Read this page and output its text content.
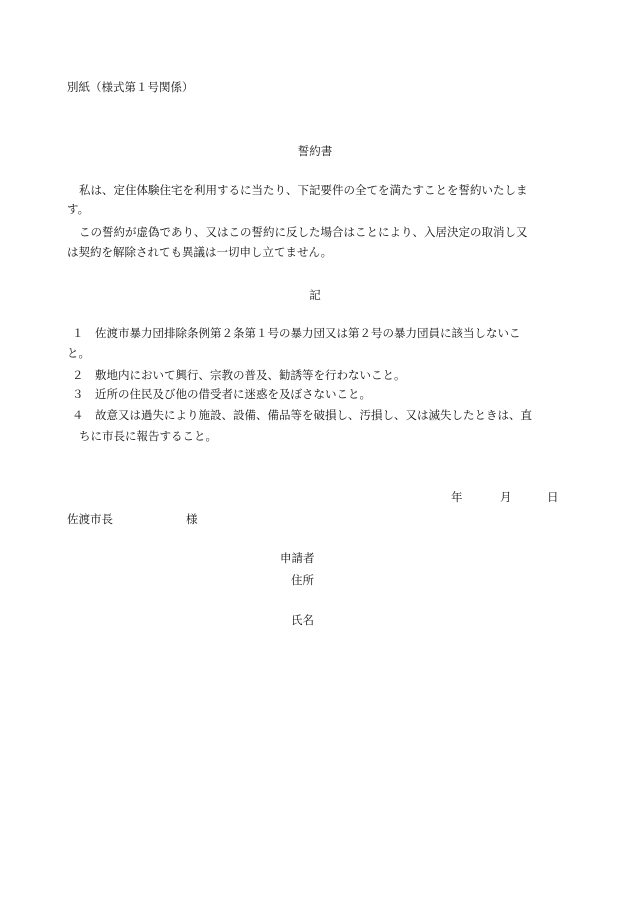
別紙（様式第１号関係）
誓約書
私は、定住体験住宅を利用するに当たり、下記要件の全てを満たすことを誓約いたしま
す。
この誓約が虚偽であり、又はこの誓約に反した場合はことにより、入居決定の取消し又
は契約を解除されても異議は一切申し立てません。
記
１ 佐渡市暴力団排除条例第２条第１号の暴力団又は第２号の暴力団員に該当しないこ
と。
２ 敷地内において興行、宗教の普及、勧誘等を行わないこと。
３ 近所の住民及び他の借受者に迷惑を及ぼさないこと。
４ 故意又は過失により施設、設備、備品等を破損し、汚損し、又は滅失したときは、直
ちに市長に報告すること。
年	月	日
佐渡市長	様
申請者
住所
氏名
